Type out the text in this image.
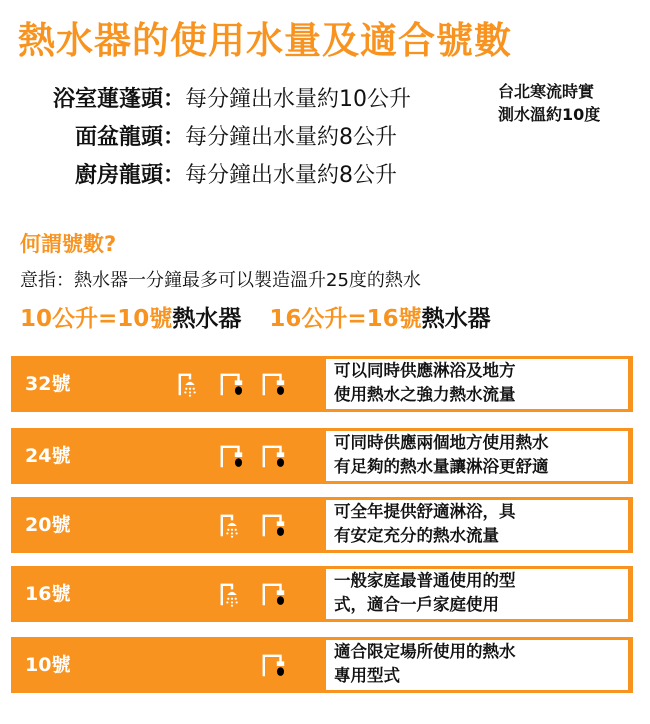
熱水器的使用水量及適合號數
浴室蓮蓬頭：每分鐘出水量約10公升
面盆龍頭：每分鐘出水量約8公升
廚房龍頭：每分鐘出水量約8公升
台北寒流時實
測水溫約10度
何謂號數?
意指：熱水器一分鐘最多可以製造溫升25度的熱水
10公升=10號熱水器 16公升=16號熱水器
32號
可以同時供應淋浴及地方
使用熱水之強力熱水流量
24號
可同時供應兩個地方使用熱水
有足夠的熱水量讓淋浴更舒適
20號
可全年提供舒適淋浴，具
有安定充分的熱水流量
16號
一般家庭最普通使用的型
式，適合一戶家庭使用
10號
適合限定場所使用的熱水
專用型式
